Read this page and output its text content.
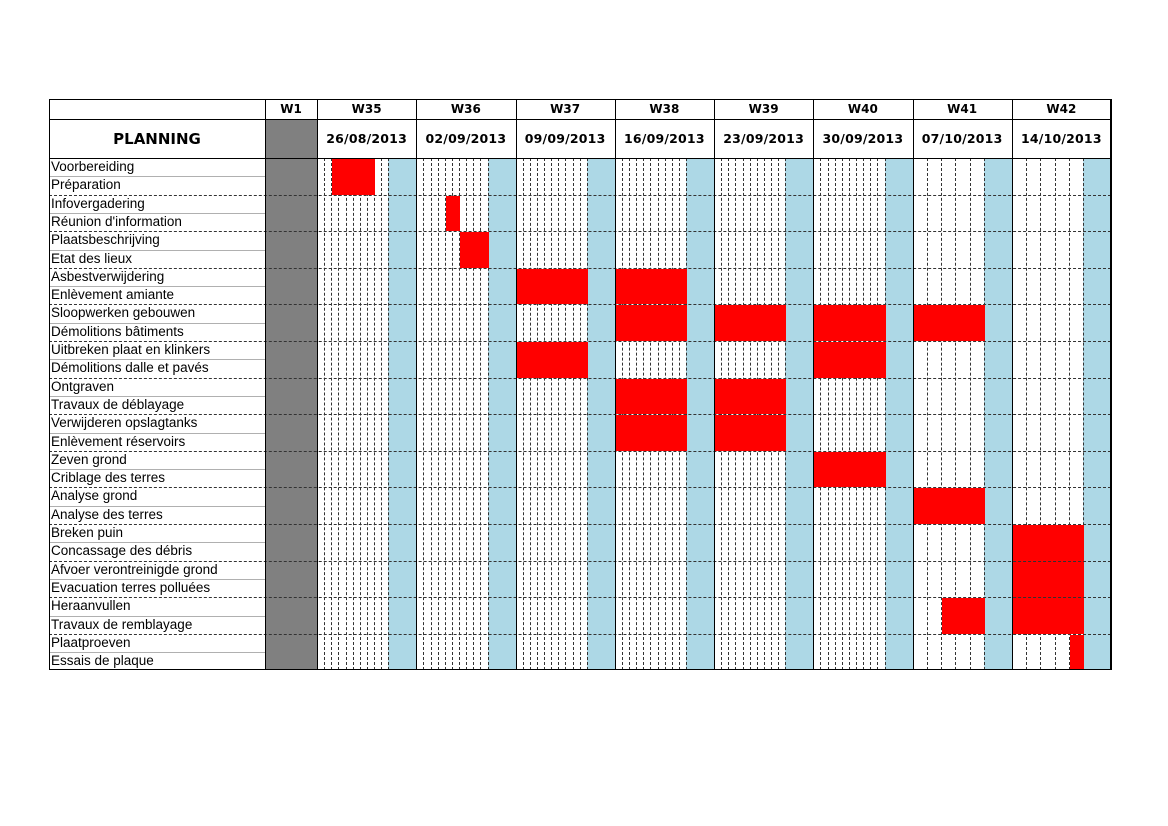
PLANNING
W1
Voorbereiding
Préparation
Infovergadering
Réunion d'information
Plaatsbeschrijving
Etat des lieux
Asbestverwijdering
Enlèvement amiante
Sloopwerken gebouwen
Démolitions bâtiments
Uitbreken plaat en klinkers
Démolitions dalle et pavés
Ontgraven
Travaux de déblayage
Verwijderen opslagtanks
Enlèvement réservoirs
Zeven grond
Criblage des terres
Analyse grond
Analyse des terres
Breken puin
Concassage des débris
Afvoer verontreinigde grond
Evacuation terres polluées
Heraanvullen
Travaux de remblayage
Plaatproeven
Essais de plaque
W35
26/08/2013
W36
02/09/2013
W37
09/09/2013
W38
16/09/2013
W39
23/09/2013
W40
30/09/2013
W41
07/10/2013
W42
14/10/2013
